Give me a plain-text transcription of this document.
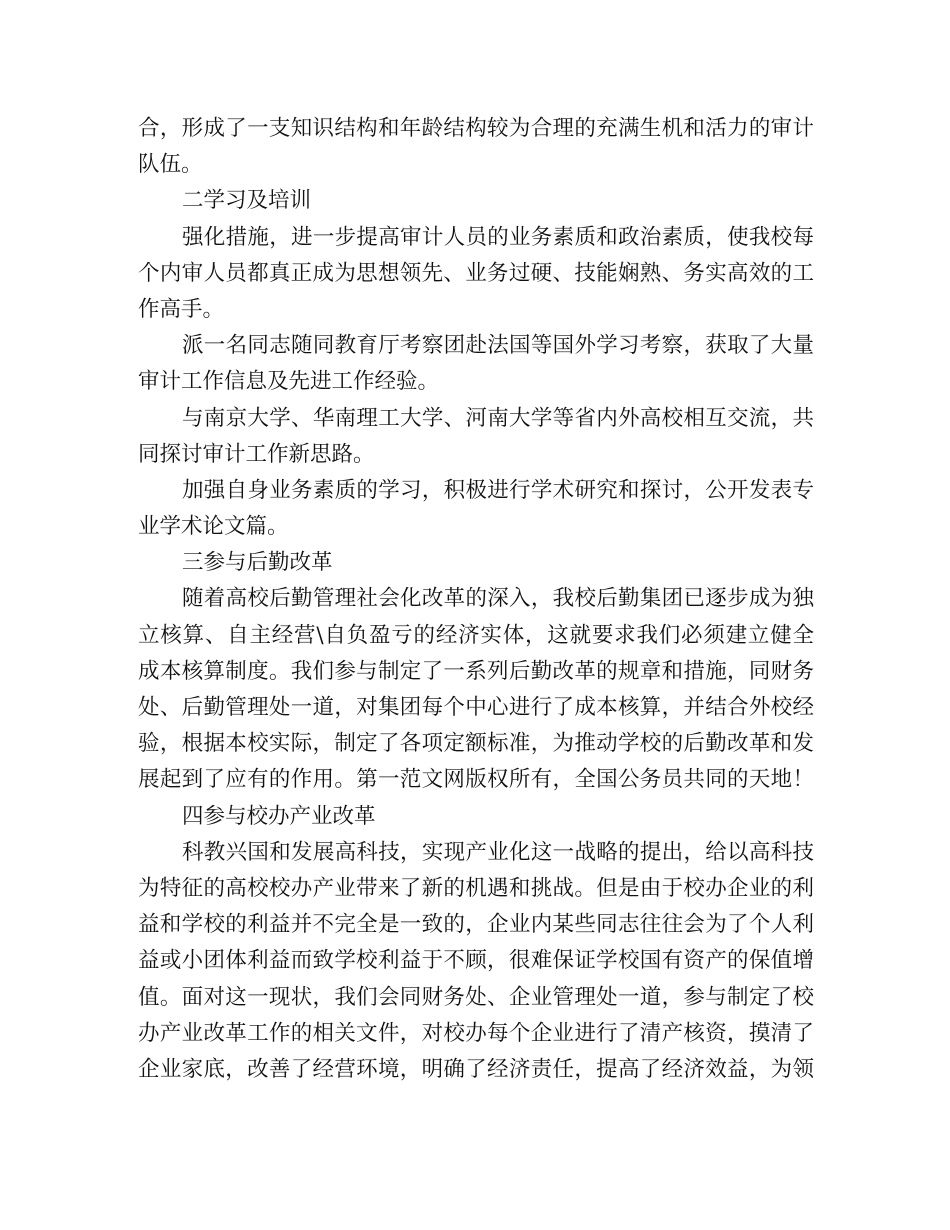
合，形成了一支知识结构和年龄结构较为合理的充满生机和活力的审计
队伍。
二学习及培训
强化措施，进一步提高审计人员的业务素质和政治素质，使我校每
个内审人员都真正成为思想领先、业务过硬、技能娴熟、务实高效的工
作高手。
派一名同志随同教育厅考察团赴法国等国外学习考察，获取了大量
审计工作信息及先进工作经验。
与南京大学、华南理工大学、河南大学等省内外高校相互交流，共
同探讨审计工作新思路。
加强自身业务素质的学习，积极进行学术研究和探讨，公开发表专
业学术论文篇。
三参与后勤改革
随着高校后勤管理社会化改革的深入，我校后勤集团已逐步成为独
立核算、自主经营\自负盈亏的经济实体，这就要求我们必须建立健全
成本核算制度。我们参与制定了一系列后勤改革的规章和措施，同财务
处、后勤管理处一道，对集团每个中心进行了成本核算，并结合外校经
验，根据本校实际，制定了各项定额标准，为推动学校的后勤改革和发
展起到了应有的作用。第一范文网版权所有，全国公务员共同的天地！
四参与校办产业改革
科教兴国和发展高科技，实现产业化这一战略的提出，给以高科技
为特征的高校校办产业带来了新的机遇和挑战。但是由于校办企业的利
益和学校的利益并不完全是一致的，企业内某些同志往往会为了个人利
益或小团体利益而致学校利益于不顾，很难保证学校国有资产的保值增
值。面对这一现状，我们会同财务处、企业管理处一道，参与制定了校
办产业改革工作的相关文件，对校办每个企业进行了清产核资，摸清了
企业家底，改善了经营环境，明确了经济责任，提高了经济效益，为领
